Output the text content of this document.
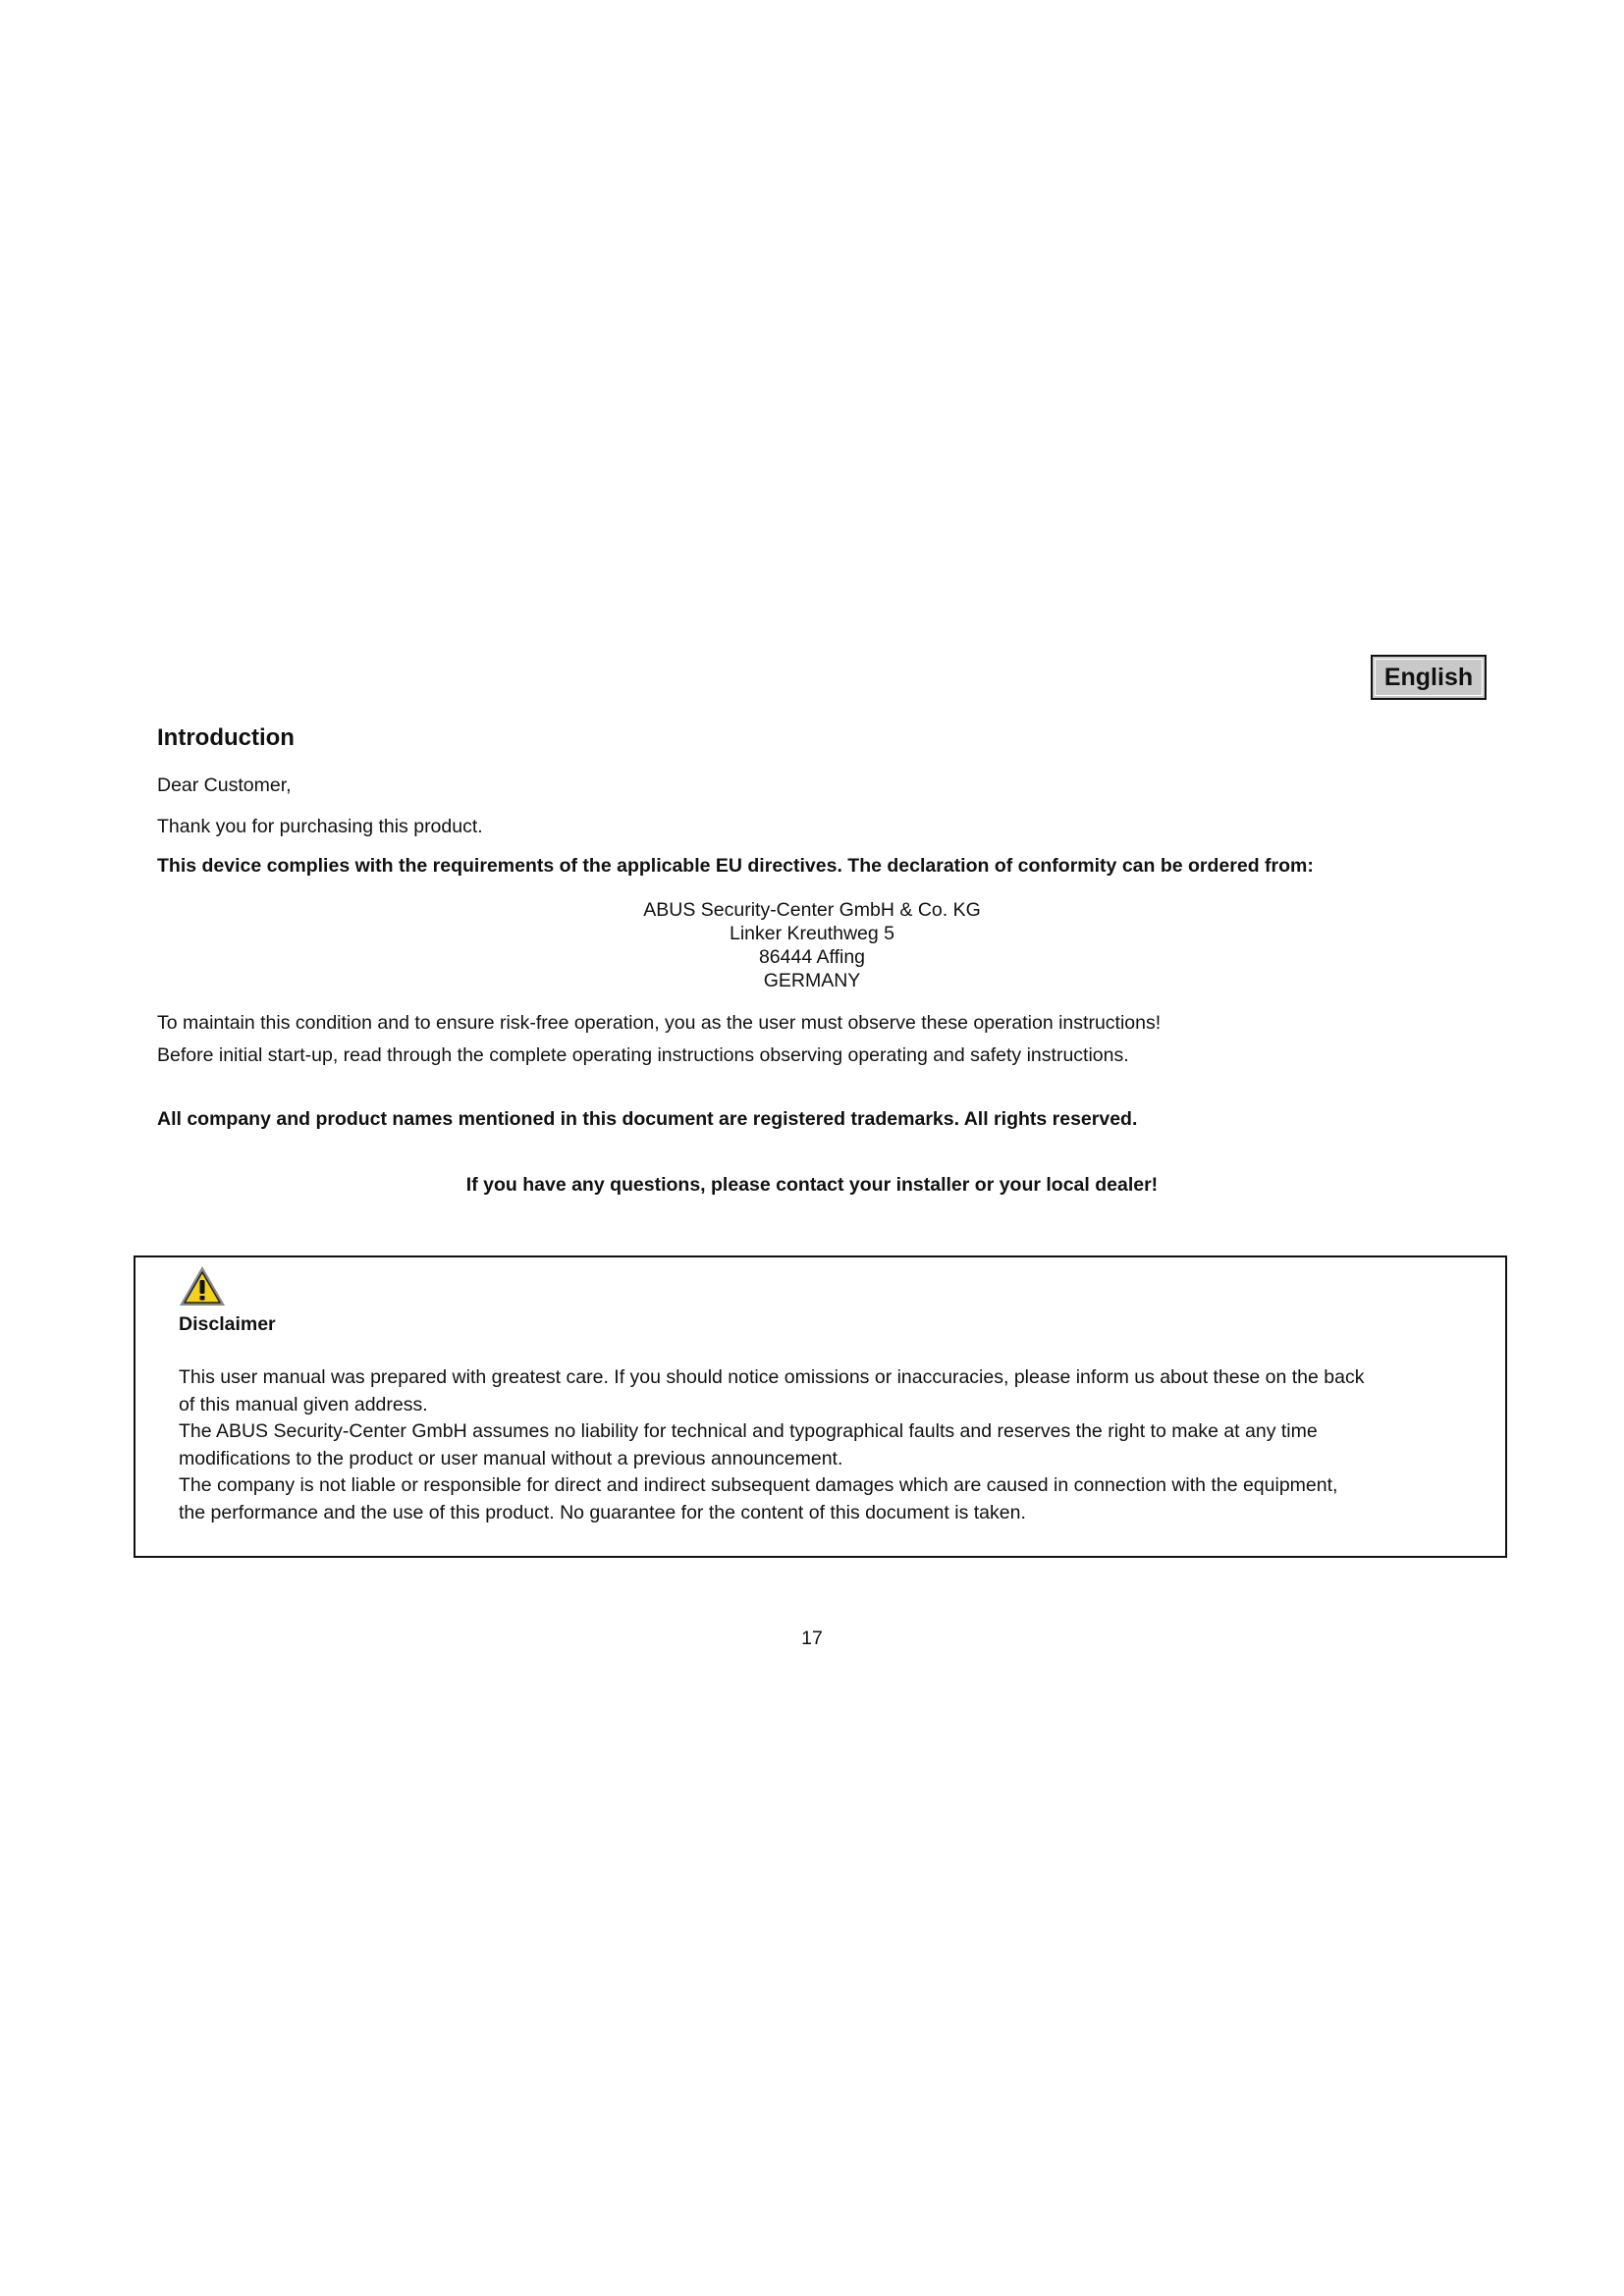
English
Introduction
Dear Customer,
Thank you for purchasing this product.
This device complies with the requirements of the applicable EU directives. The declaration of conformity can be ordered from:
ABUS Security-Center GmbH & Co. KG
Linker Kreuthweg 5
86444 Affing
GERMANY
To maintain this condition and to ensure risk-free operation, you as the user must observe these operation instructions!
Before initial start-up, read through the complete operating instructions observing operating and safety instructions.
All company and product names mentioned in this document are registered trademarks. All rights reserved.
If you have any questions, please contact your installer or your local dealer!
Disclaimer
This user manual was prepared with greatest care. If you should notice omissions or inaccuracies, please inform us about these on the back
of this manual given address.
The ABUS Security-Center GmbH assumes no liability for technical and typographical faults and reserves the right to make at any time
modifications to the product or user manual without a previous announcement.
The company is not liable or responsible for direct and indirect subsequent damages which are caused in connection with the equipment,
the performance and the use of this product. No guarantee for the content of this document is taken.
17
